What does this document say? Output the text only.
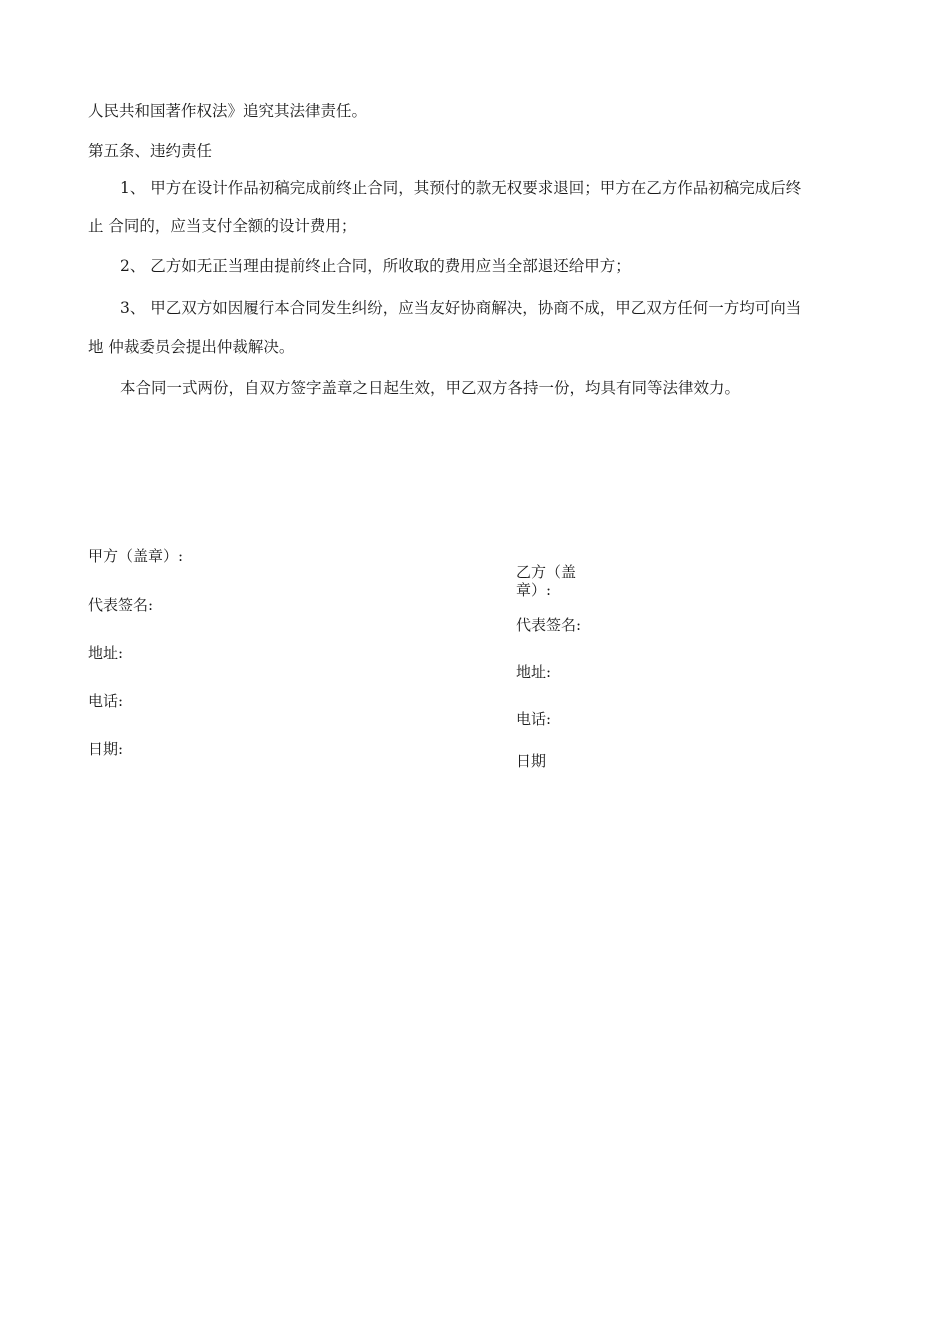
人民共和国著作权法》追究其法律责任。

第五条、违约责任

1、 甲方在设计作品初稿完成前终止合同，其预付的款无权要求退回；甲方在乙方作品初稿完成后终

止 合同的，应当支付全额的设计费用；

2、 乙方如无正当理由提前终止合同，所收取的费用应当全部退还给甲方；

3、 甲乙双方如因履行本合同发生纠纷，应当友好协商解决，协商不成，甲乙双方任何一方均可向当

地 仲裁委员会提出仲裁解决。

本合同一式两份，自双方签字盖章之日起生效，甲乙双方各持一份，均具有同等法律效力。

甲方（盖章）:

代表签名:

地址:

电话:

日期:

乙方（盖章）:

代表签名:

地址:

电话:

日期
